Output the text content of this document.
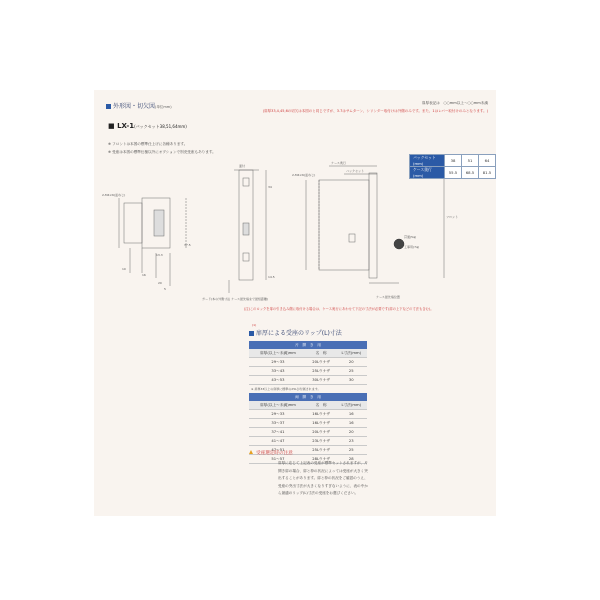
外形図・切欠図(単位mm)
扉厚表記は　○○mm以上〜○○mm未満
(扉厚33,4,45,6の切欠は本図のと同じですが、3.7はサムターン、シリンダー取付けは外側のみです。また、1はレバー取付けのみとなります。)
■ LX-1(バックセット38,51,64mm)
※ フロントは本図の標準仕上げに各種あります。
※ 受座は本図の標準仕様以外にオプションで別売受座もあります。
2-M4×6(皿ねじ)
37.5
13.3
10
16
20
5
面付
34
14.5
ガード(本の外側寸法 ケース最先端まで最短距離)
ケース奥行
バックセット
2-M4×6(皿ねじ)
貫通(5φ)
工事用(7φ)
フロント
ケース最先端位置
バックセット(mm)	38	51	64
ケース奥行(mm)	55.5	68.5	81.5
(注)このロックを扉の引き込み側に取付ける場合は、ケース奥行にあわせて下記の寸法が必要です(扉の上下などの寸法も含む)。
(1)
扉厚による受座のリップ(L)寸法
片　開　き　用		
扉厚(以上〜未満)mm	名　称	L寸法(mm)
29〜33	20Lウケザ	20
33〜43	25Lウケザ	25
43〜53	30Lウケザ	30
※ 扉厚33以上の扉厚に標準の25Lが付属されます。		
両　開　き　用		
扉厚(以上〜未満)mm	名　称	L寸法(mm)
29〜33	16Lウケザ	16
33〜37	16Lウケザ	16
37〜41	20Lウケザ	20
41〜47	23Lウケザ	23
47〜51	25Lウケザ	25
51〜57	28Lウケザ	28
受座選定時の注意
扉厚に応じて上記表の受座が標準セットされますが、片開き扉の場合、扉と枠の状況によっては受座が大きく突出することがあります。扉と枠の状況をご確認のうえ、受座の突出寸法が大きくなりすぎないように、表の中から最適のリップ(L)寸法の受座をお選びください。
